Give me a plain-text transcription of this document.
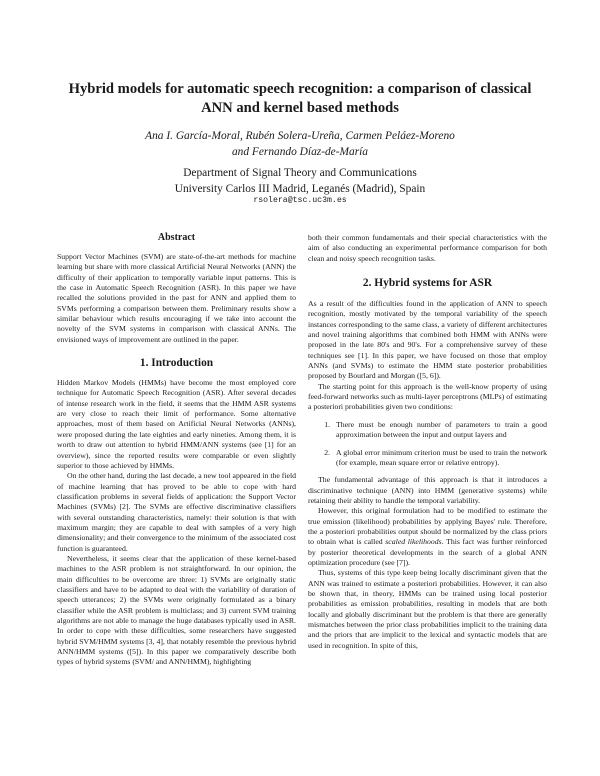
Hybrid models for automatic speech recognition: a comparison of classical
ANN and kernel based methods
Ana I. García-Moral, Rubén Solera-Ureña, Carmen Peláez-Moreno
and Fernando Díaz-de-María
Department of Signal Theory and Communications
University Carlos III Madrid, Leganés (Madrid), Spain
rsolera@tsc.uc3m.es
Abstract

Support Vector Machines (SVM) are state-of-the-art methods for machine learning but share with more classical Artificial Neural Networks (ANN) the difficulty of their application to temporally variable input patterns. This is the case in Automatic Speech Recognition (ASR). In this paper we have recalled the solutions provided in the past for ANN and applied them to SVMs performing a comparison between them. Preliminary results show a similar behaviour which results encouraging if we take into account the novelty of the SVM systems in comparison with classical ANNs. The envisioned ways of improvement are outlined in the paper.

1. Introduction

Hidden Markov Models (HMMs) have become the most employed core technique for Automatic Speech Recognition (ASR). After several decades of intense research work in the field, it seems that the HMM ASR systems are very close to reach their limit of performance. Some alternative approaches, most of them based on Artificial Neural Networks (ANNs), were proposed during the late eighties and early nineties. Among them, it is worth to draw out attention to hybrid HMM/ANN systems (see [1] for an overview), since the reported results were comparable or even slightly superior to those achieved by HMMs.

On the other hand, during the last decade, a new tool appeared in the field of machine learning that has proved to be able to cope with hard classification problems in several fields of application: the Support Vector Machines (SVMs) [2]. The SVMs are effective discriminative classifiers with several outstanding characteristics, namely: their solution is that with maximum margin; they are capable to deal with samples of a very high dimensionality; and their convergence to the minimum of the associated cost function is guaranteed.

Nevertheless, it seems clear that the application of these kernel-based machines to the ASR problem is not straightforward. In our opinion, the main difficulties to be overcome are three: 1) SVMs are originally static classifiers and have to be adapted to deal with the variability of duration of speech utterances; 2) the SVMs were originally formulated as a binary classifier while the ASR problem is multiclass; and 3) current SVM training algorithms are not able to manage the huge databases typically used in ASR. In order to cope with these difficulties, some researchers have suggested hybrid SVM/HMM systems [3, 4], that notably resemble the previous hybrid ANN/HMM systems ([5]). In this paper we comparatively describe both types of hybrid systems (SVM/ and ANN/HMM), highlighting

both their common fundamentals and their special characteristics with the aim of also conducting an experimental performance comparison for both clean and noisy speech recognition tasks.

2. Hybrid systems for ASR

As a result of the difficulties found in the application of ANN to speech recognition, mostly motivated by the temporal variability of the speech instances corresponding to the same class, a variety of different architectures and novel training algorithms that combined both HMM with ANNs were proposed in the late 80's and 90's. For a comprehensive survey of these techniques see [1]. In this paper, we have focused on those that employ ANNs (and SVMs) to estimate the HMM state posterior probabilities proposed by Bourlard and Morgan ([5, 6]).

The starting point for this approach is the well-know property of using feed-forward networks such as multi-layer perceptrons (MLPs) of estimating a posteriori probabilities given two conditions:

1. There must be enough number of parameters to train a good approximation between the input and output layers and
2. A global error minimum criterion must be used to train the network (for example, mean square error or relative entropy).

The fundamental advantage of this approach is that it introduces a discriminative technique (ANN) into HMM (generative systems) while retaining their ability to handle the temporal variability.

However, this original formulation had to be modified to estimate the true emission (likelihood) probabilities by applying Bayes' rule. Therefore, the a posteriori probabilities output should be normalized by the class priors to obtain what is called scaled likelihoods. This fact was further reinforced by posterior theoretical developments in the search of a global ANN optimization procedure (see [7]).

Thus, systems of this type keep being locally discriminant given that the ANN was trained to estimate a posteriori probabilities. However, it can also be shown that, in theory, HMMs can be trained using local posterior probabilities as emission probabilities, resulting in models that are both locally and globally discriminant but the problem is that there are generally mismatches between the prior class probabilities implicit to the training data and the priors that are implicit to the lexical and syntactic models that are used in recognition. In spite of this,
